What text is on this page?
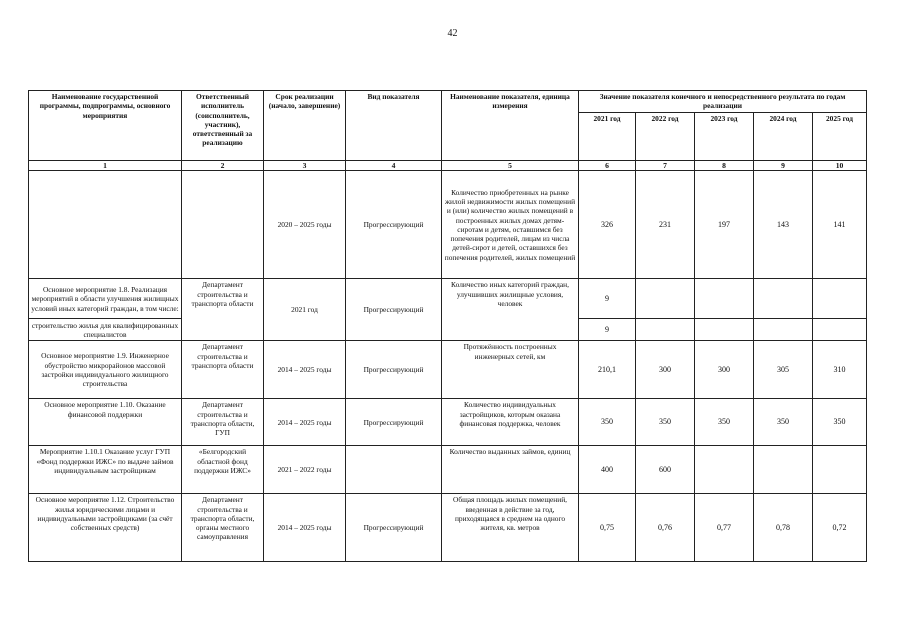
42
Наименование государственной программы, подпрограммы, основного мероприятия	Ответственный исполнитель (соисполнитель, участник), ответственный за реализацию	Срок реализации (начало, завершение)	Вид показателя	Наименование показателя, единица измерения	Значение показателя конечного и непосредственного результата по годам реализации				
					2021 год	2022 год	2023 год	2024 год	2025 год
1	2	3	4	5	6	7	8	9	10
		2020 – 2025 годы	Прогрессирующий	Количество приобретенных на рынке жилой недвижимости жилых помещений и (или) количество жилых помещений в построенных жилых домах детям-сиротам и детям, оставшимся без попечения родителей, лицам из числа детей-сирот и детей, оставшихся без попечения родителей, жилых помещений	326	231	197	143	141
Основное мероприятие 1.8. Реализация мероприятий в области улучшения жилищных условий иных категорий граждан, в том числе:	Департамент строительства и транспорта области	2021 год	Прогрессирующий	Количество иных категорий граждан, улучшивших жилищные условия, человек	9				
строительство жилья для квалифицированных специалистов					9				
Основное мероприятие 1.9. Инженерное обустройство микрорайонов массовой застройки индивидуального жилищного строительства	Департамент строительства и транспорта области	2014 – 2025 годы	Прогрессирующий	Протяжённость построенных инженерных сетей, км	210,1	300	300	305	310
Основное мероприятие 1.10. Оказание финансовой поддержки	Департамент строительства и транспорта области, ГУП	2014 – 2025 годы	Прогрессирующий	Количество индивидуальных застройщиков, которым оказана финансовая поддержка, человек	350	350	350	350	350
Мероприятие 1.10.1 Оказание услуг ГУП «Фонд поддержки ИЖС» по выдаче займов индивидуальным застройщикам	«Белгородский областной фонд поддержки ИЖС»	2021 – 2022 годы		Количество выданных займов, единиц	400	600			
Основное мероприятие 1.12. Строительство жилья юридическими лицами и индивидуальными застройщиками (за счёт собственных средств)	Департамент строительства и транспорта области, органы местного самоуправления	2014 – 2025 годы	Прогрессирующий	Общая площадь жилых помещений, введенная в действие за год, приходящаяся в среднем на одного жителя, кв. метров	0,75	0,76	0,77	0,78	0,72
